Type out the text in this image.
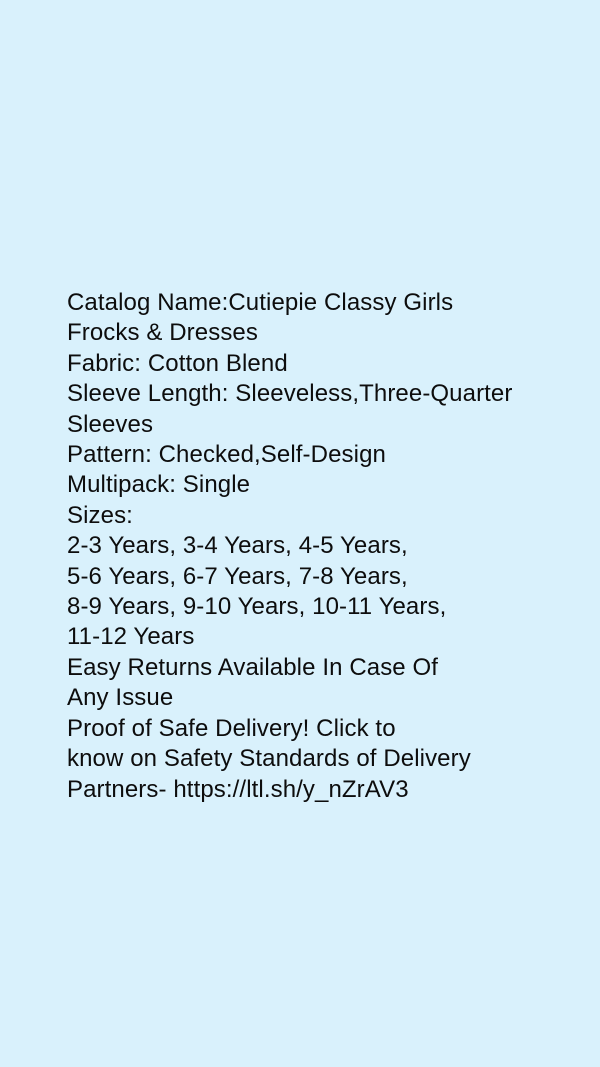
Catalog Name:Cutiepie Classy Girls
Frocks & Dresses
Fabric: Cotton Blend
Sleeve Length: Sleeveless,Three-Quarter
Sleeves
Pattern: Checked,Self-Design
Multipack: Single
Sizes:
2-3 Years, 3-4 Years, 4-5 Years,
5-6 Years, 6-7 Years, 7-8 Years,
8-9 Years, 9-10 Years, 10-11 Years,
11-12 Years
Easy Returns Available In Case Of
Any Issue
Proof of Safe Delivery! Click to
know on Safety Standards of Delivery
Partners- https://ltl.sh/y_nZrAV3
